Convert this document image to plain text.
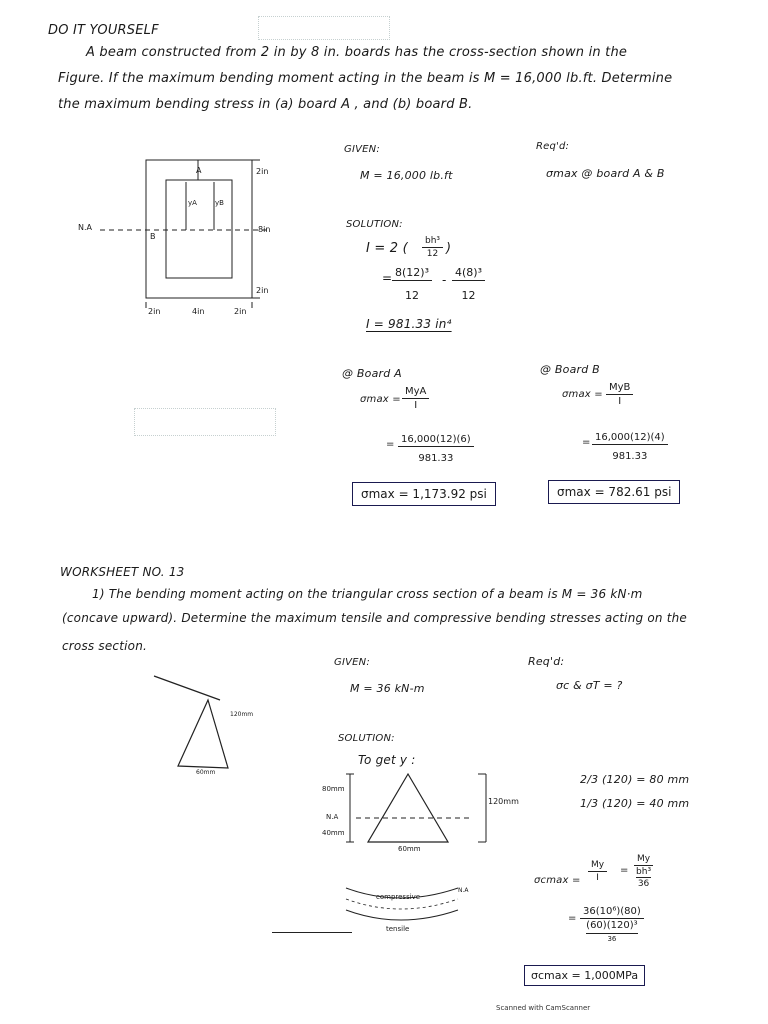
DO IT YOURSELF
A beam constructed from 2 in by 8 in. boards has the cross-section shown in the
Figure. If the maximum bending moment acting in the beam is M = 16,000 lb.ft. Determine
the maximum bending stress in (a) board A , and (b) board B.
A
B
N.A
yA	yB
2in
8in
2in
2in	4in	2in
GIVEN:	Req'd:
M = 16,000 lb.ft	σmax @ board A & B
SOLUTION:
I = 2 ( $\frac{\text{bh³}}{12}$ )
= $\frac{\text{8(12)³}}{12} - \frac{\text{4(8)³}}{12}$
I = 981.33 in⁴
@ Board A
σmax =
MyA
I
= $\frac{16,000(12)(6)}{981.33}$
σmax = 1,173.92 psi
@ Board B
σmax =
MyB
I
= $\frac{16,000(12)(4)}{981.33}$
σmax = 782.61 psi
WORKSHEET NO. 13
1) The bending moment acting on the triangular cross section of a beam is M = 36 kN·m
(concave upward). Determine the maximum tensile and compressive bending stresses acting on the
cross section.
120mm
60mm
GIVEN:
M = 36 kN-m
Req'd:
σc & σT = ?
SOLUTION:
To get y :
80mm
N.A
40mm
120mm
60mm
2/3 (120) = 80 mm
1/3 (120) = 40 mm
compressive
tensile
N.A
$\sigma cmax = \frac{My}{I}$ =
My
bh³
36
=
36(10⁶)(80)
(60)(120)³
36
σcmax = 1,000MPa
Scanned with CamScanner
